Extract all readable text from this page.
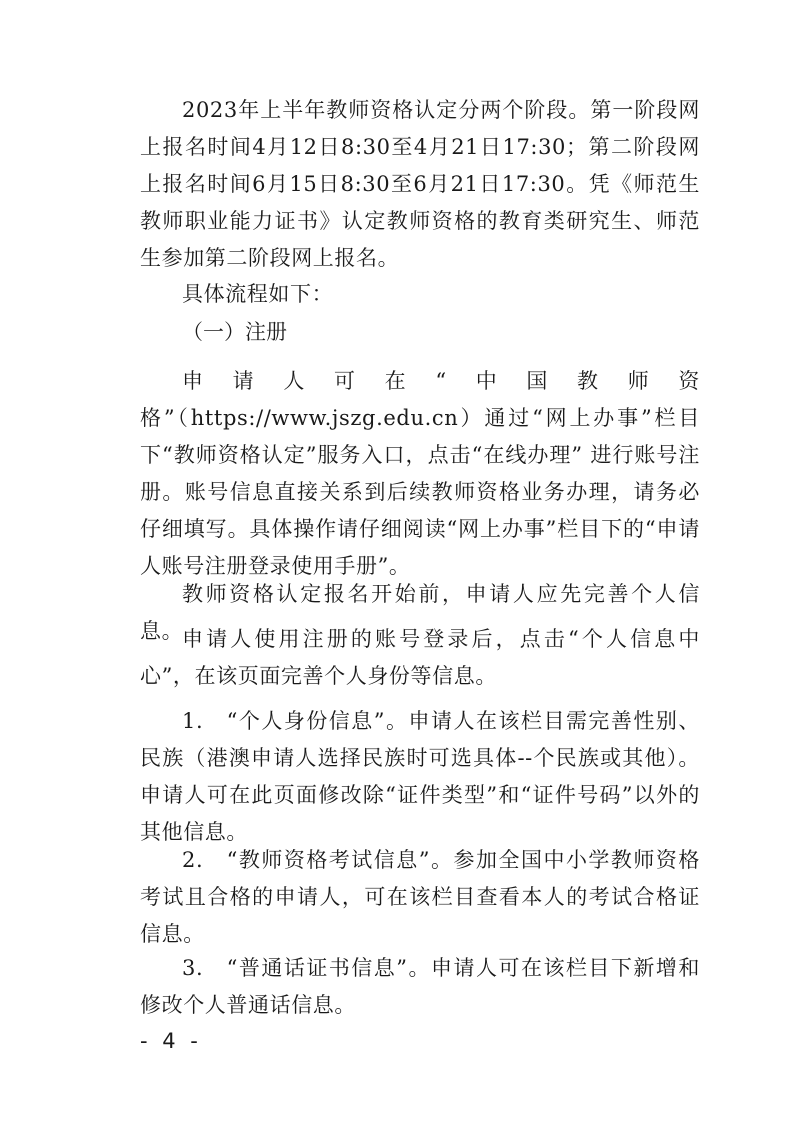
2023年上半年教师资格认定分两个阶段。第一阶段网上报名时间4月12日8:30至4月21日17:30；第二阶段网上报名时间6月15日8:30至6月21日17:30。凭《师范生教师职业能力证书》认定教师资格的教育类研究生、师范生参加第二阶段网上报名。

具体流程如下：

（一）注册

申请人可在“中国教师资格”（https://www.jszg.edu.cn）通过“网上办事”栏目下“教师资格认定”服务入口，点击“在线办理” 进行账号注册。账号信息直接关系到后续教师资格业务办理，请务必仔细填写。具体操作请仔细阅读“网上办事”栏目下的“申请人账号注册登录使用手册”。

教师资格认定报名开始前，申请人应先完善个人信息。

申请人使用注册的账号登录后，点击“个人信息中心”，在该页面完善个人身份等信息。

1.　“个人身份信息”。申请人在该栏目需完善性别、民族（港澳申请人选择民族时可选具体--个民族或其他）。申请人可在此页面修改除“证件类型”和“证件号码”以外的其他信息。

2.　“教师资格考试信息”。参加全国中小学教师资格考试且合格的申请人，可在该栏目查看本人的考试合格证信息。

3.　“普通话证书信息”。申请人可在该栏目下新增和修改个人普通话信息。

- 4 -
